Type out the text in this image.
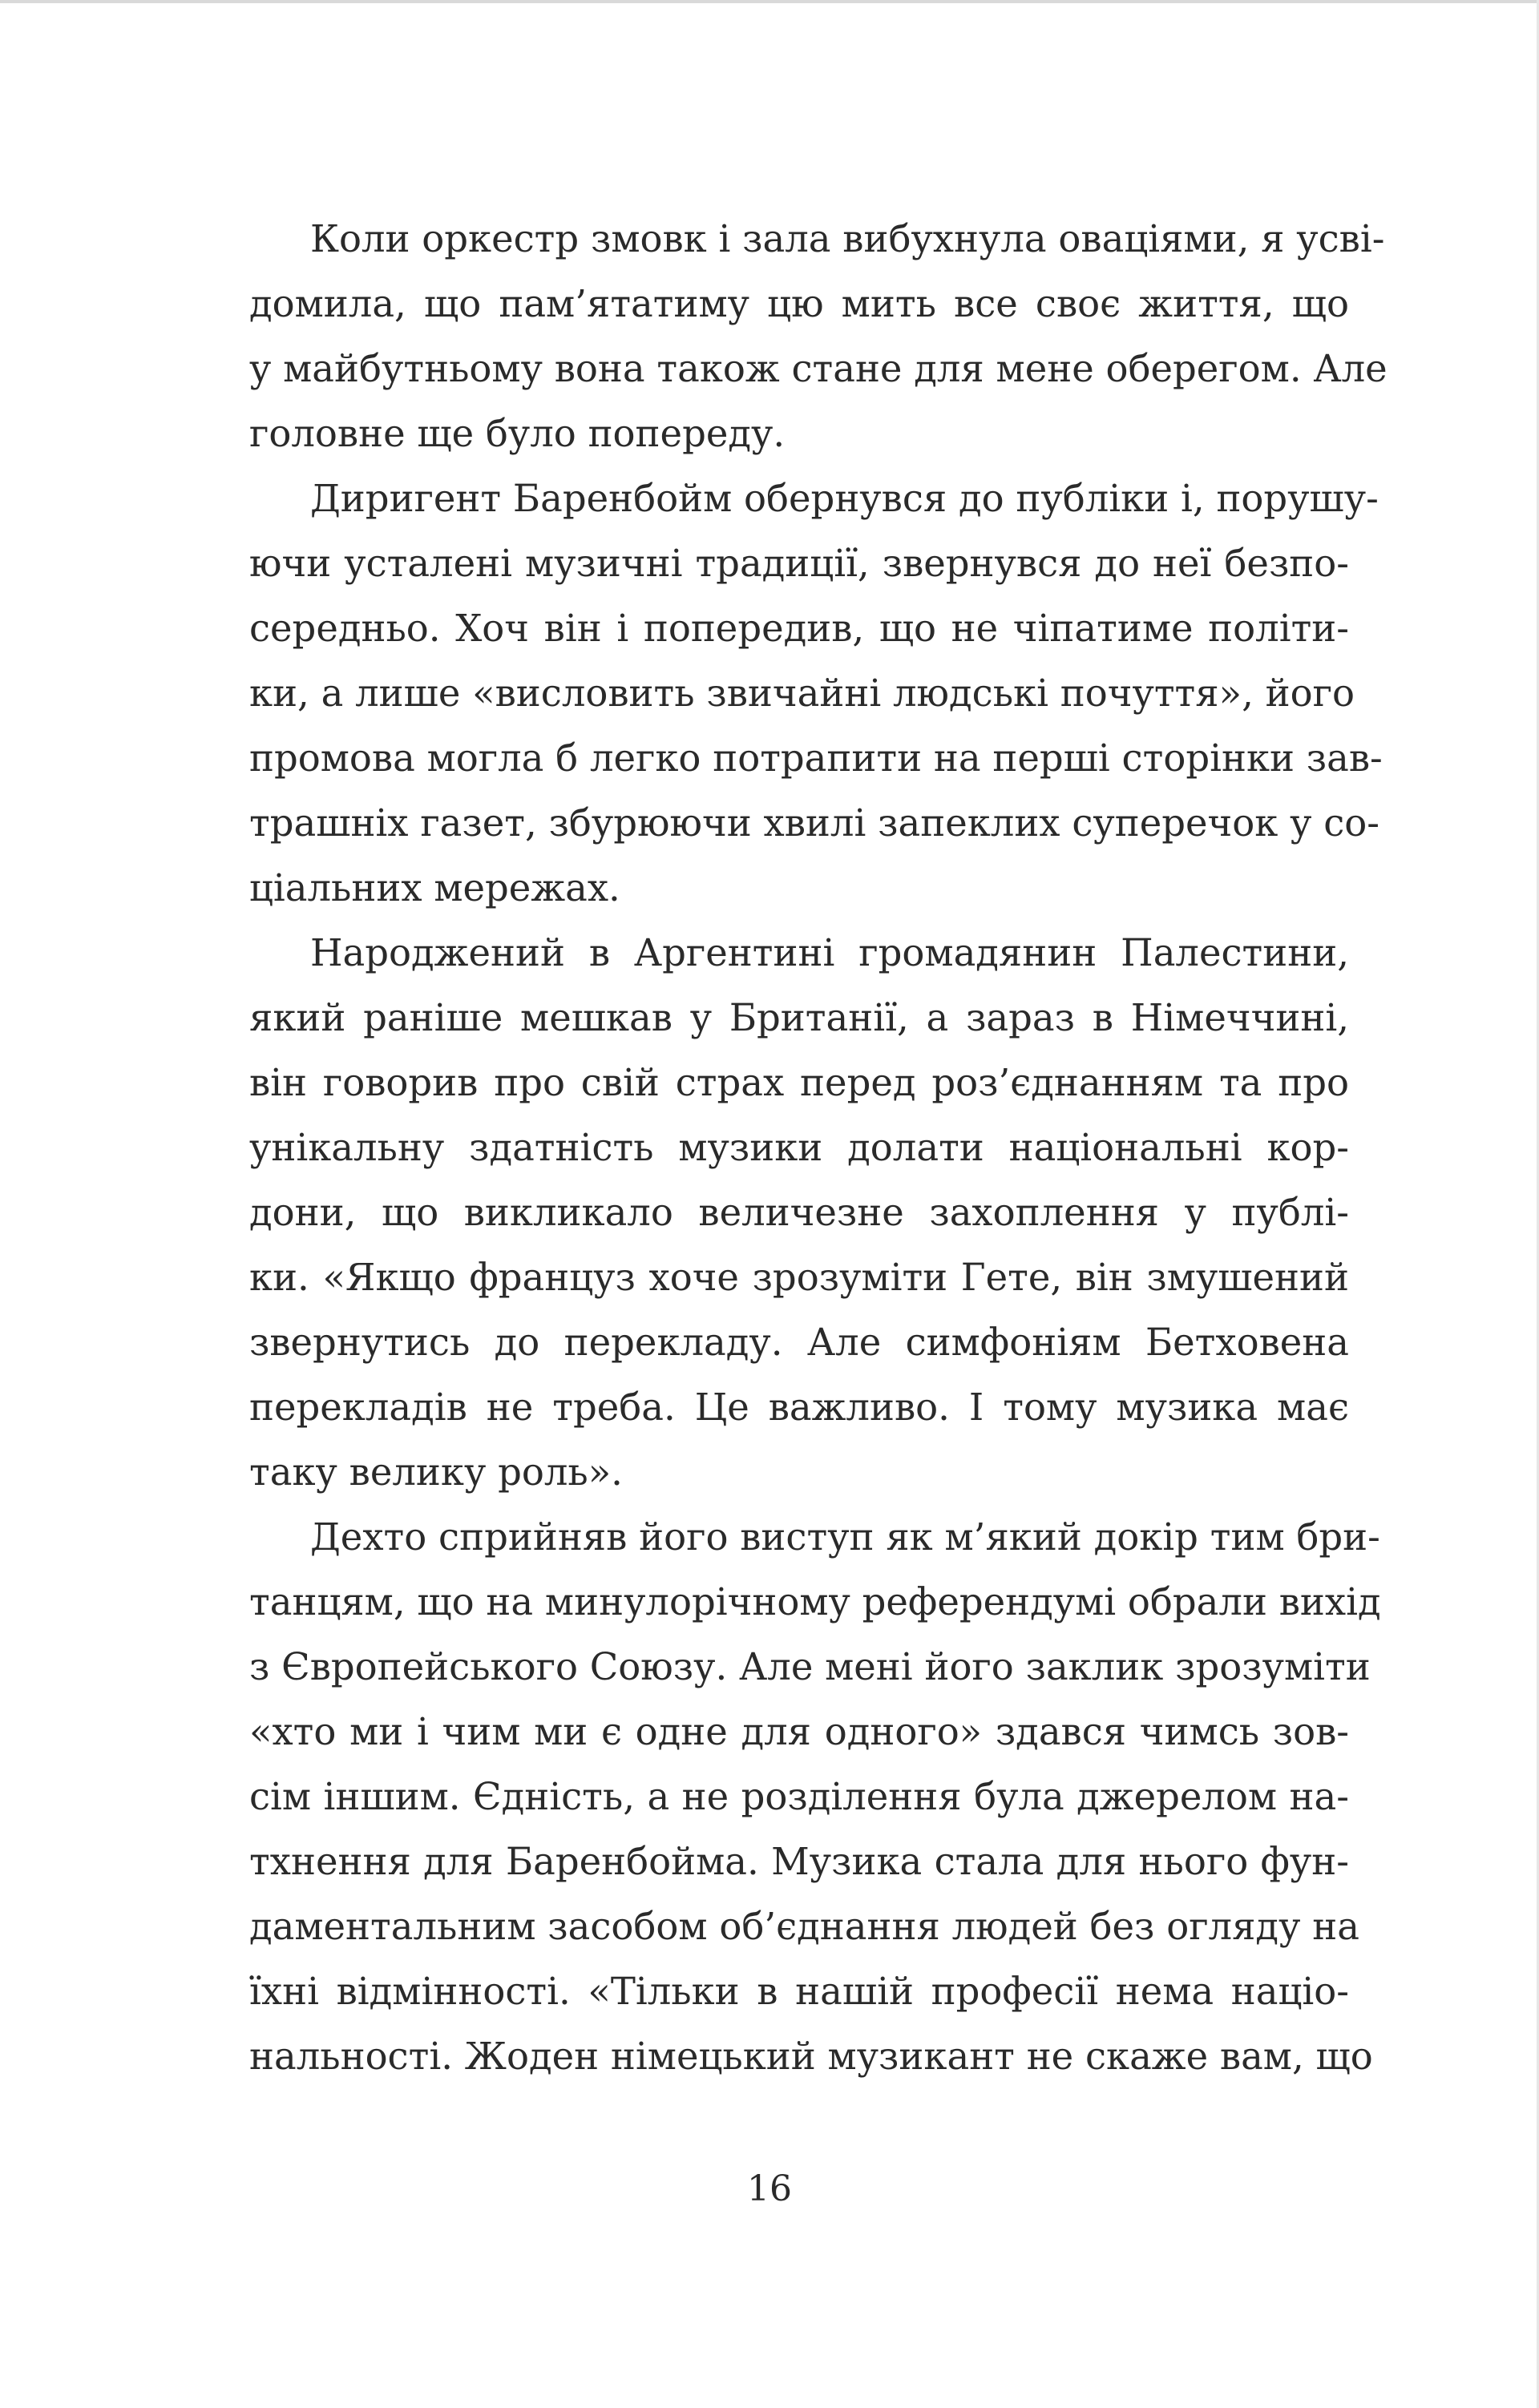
Коли оркестр змовк і зала вибухнула оваціями, я усві-
домила, що пам’ятатиму цю мить все своє життя, що
у майбутньому вона також стане для мене оберегом. Але
головне ще було попереду.
Диригент Баренбойм обернувся до публіки і, порушу-
ючи усталені музичні традиції, звернувся до неї безпо-
середньо. Хоч він і попередив, що не чіпатиме політи-
ки, а лише «висловить звичайні людські почуття», його
промова могла б легко потрапити на перші сторінки зав-
трашніх газет, збурюючи хвилі запеклих суперечок у со-
ціальних мережах.
Народжений в Аргентині громадянин Палестини,
який раніше мешкав у Британії, а зараз в Німеччині,
він говорив про свій страх перед роз’єднанням та про
унікальну здатність музики долати національні кор-
дони, що викликало величезне захоплення у публі-
ки. «Якщо француз хоче зрозуміти Гете, він змушений
звернутись до перекладу. Але симфоніям Бетховена
перекладів не треба. Це важливо. І тому музика має
таку велику роль».
Дехто сприйняв його виступ як м’який докір тим бри-
танцям, що на минулорічному референдумі обрали вихід
з Європейського Союзу. Але мені його заклик зрозуміти
«хто ми і чим ми є одне для одного» здався чимсь зов-
сім іншим. Єдність, а не розділення була джерелом на-
тхнення для Баренбойма. Музика стала для нього фун-
даментальним засобом об’єднання людей без огляду на
їхні відмінності. «Тільки в нашій професії нема націо-
нальності. Жоден німецький музикант не скаже вам, що
16
